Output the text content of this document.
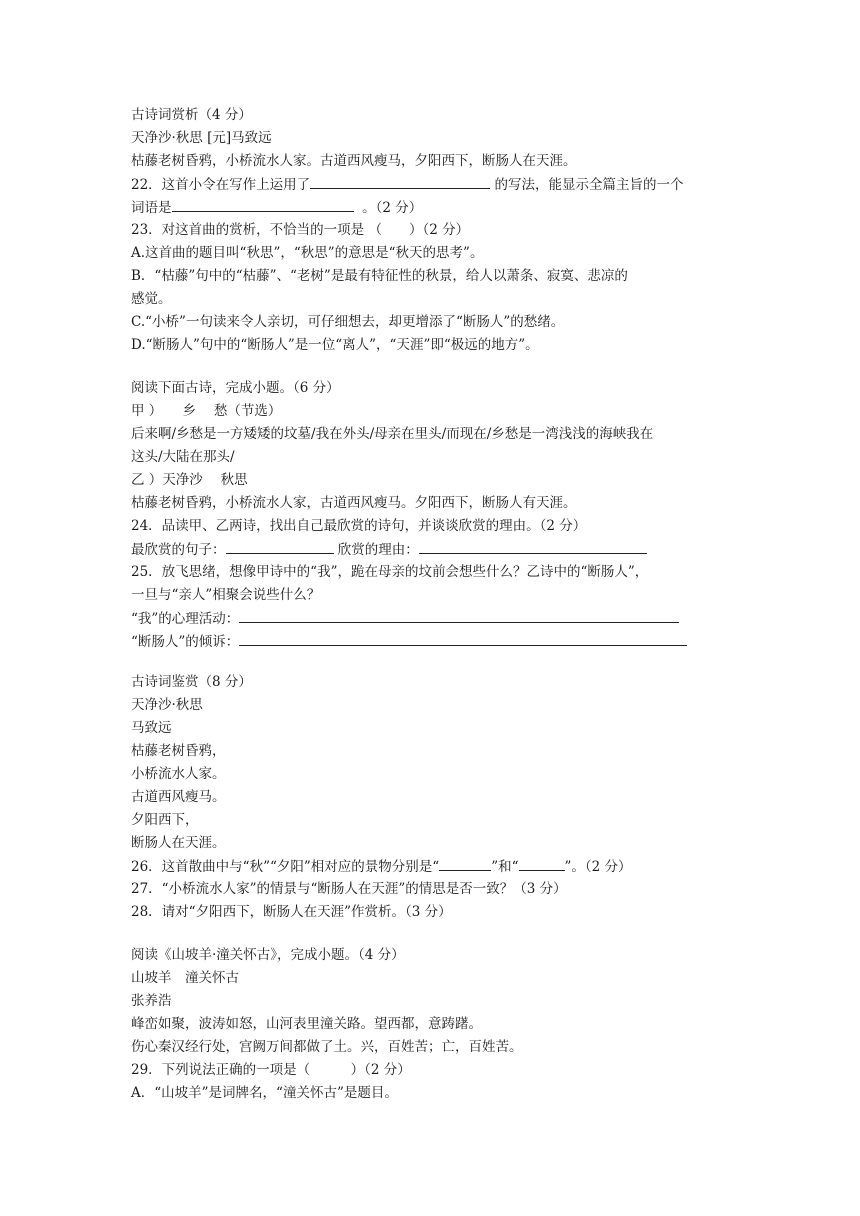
古诗词赏析（4 分）
天净沙·秋思 [元]马致远
枯藤老树昏鸦，小桥流水人家。古道西风瘦马，夕阳西下，断肠人在天涯。
22．这首小令在写作上运用了	的写法，能显示全篇主旨的一个
词语是	。（2 分）
23．对这首曲的赏析，不恰当的一项是 （　　）（2 分）
A.这首曲的题目叫“秋思”，“秋思”的意思是“秋天的思考”。
B．“枯藤”句中的“枯藤”、“老树”是最有特征性的秋景，给人以萧条、寂寞、悲凉的
感觉。
C.“小桥”一句读来令人亲切，可仔细想去，却更增添了“断肠人”的愁绪。
D.“断肠人”句中的“断肠人”是一位“离人”，“天涯”即“极远的地方”。
阅读下面古诗，完成小题。（6 分）
甲 ）　　乡　 愁（节选）
后来啊/乡愁是一方矮矮的坟墓/我在外头/母亲在里头/而现在/乡愁是一湾浅浅的海峡我在
这头/大陆在那头/
乙 ）天净沙　 秋思
枯藤老树昏鸦，小桥流水人家，古道西风瘦马。夕阳西下，断肠人有天涯。
24．品读甲、乙两诗，找出自己最欣赏的诗句，并谈谈欣赏的理由。（2 分）
最欣赏的句子：	欣赏的理由：
25．放飞思绪，想像甲诗中的“我”，跪在母亲的坟前会想些什么？乙诗中的“断肠人”，
一旦与“亲人”相聚会说些什么？
“我”的心理活动：
“断肠人”的倾诉：
古诗词鉴赏（8 分）
天净沙·秋思
马致远
枯藤老树昏鸦，
小桥流水人家。
古道西风瘦马。
夕阳西下，
断肠人在天涯。
26．这首散曲中与“秋”“夕阳”相对应的景物分别是“	”和“	”。（2 分）
27．“小桥流水人家”的情景与“断肠人在天涯”的情思是否一致？（3 分）
28．请对“夕阳西下，断肠人在天涯”作赏析。（3 分）
阅读《山坡羊·潼关怀古》，完成小题。（4 分）
山坡羊　潼关怀古
张养浩
峰峦如聚，波涛如怒，山河表里潼关路。望西都，意踌躇。
伤心秦汉经行处，宫阙万间都做了土。兴，百姓苦；亡，百姓苦。
29．下列说法正确的一项是（　　　）（2 分）
A．“山坡羊”是词牌名，“潼关怀古”是题目。
